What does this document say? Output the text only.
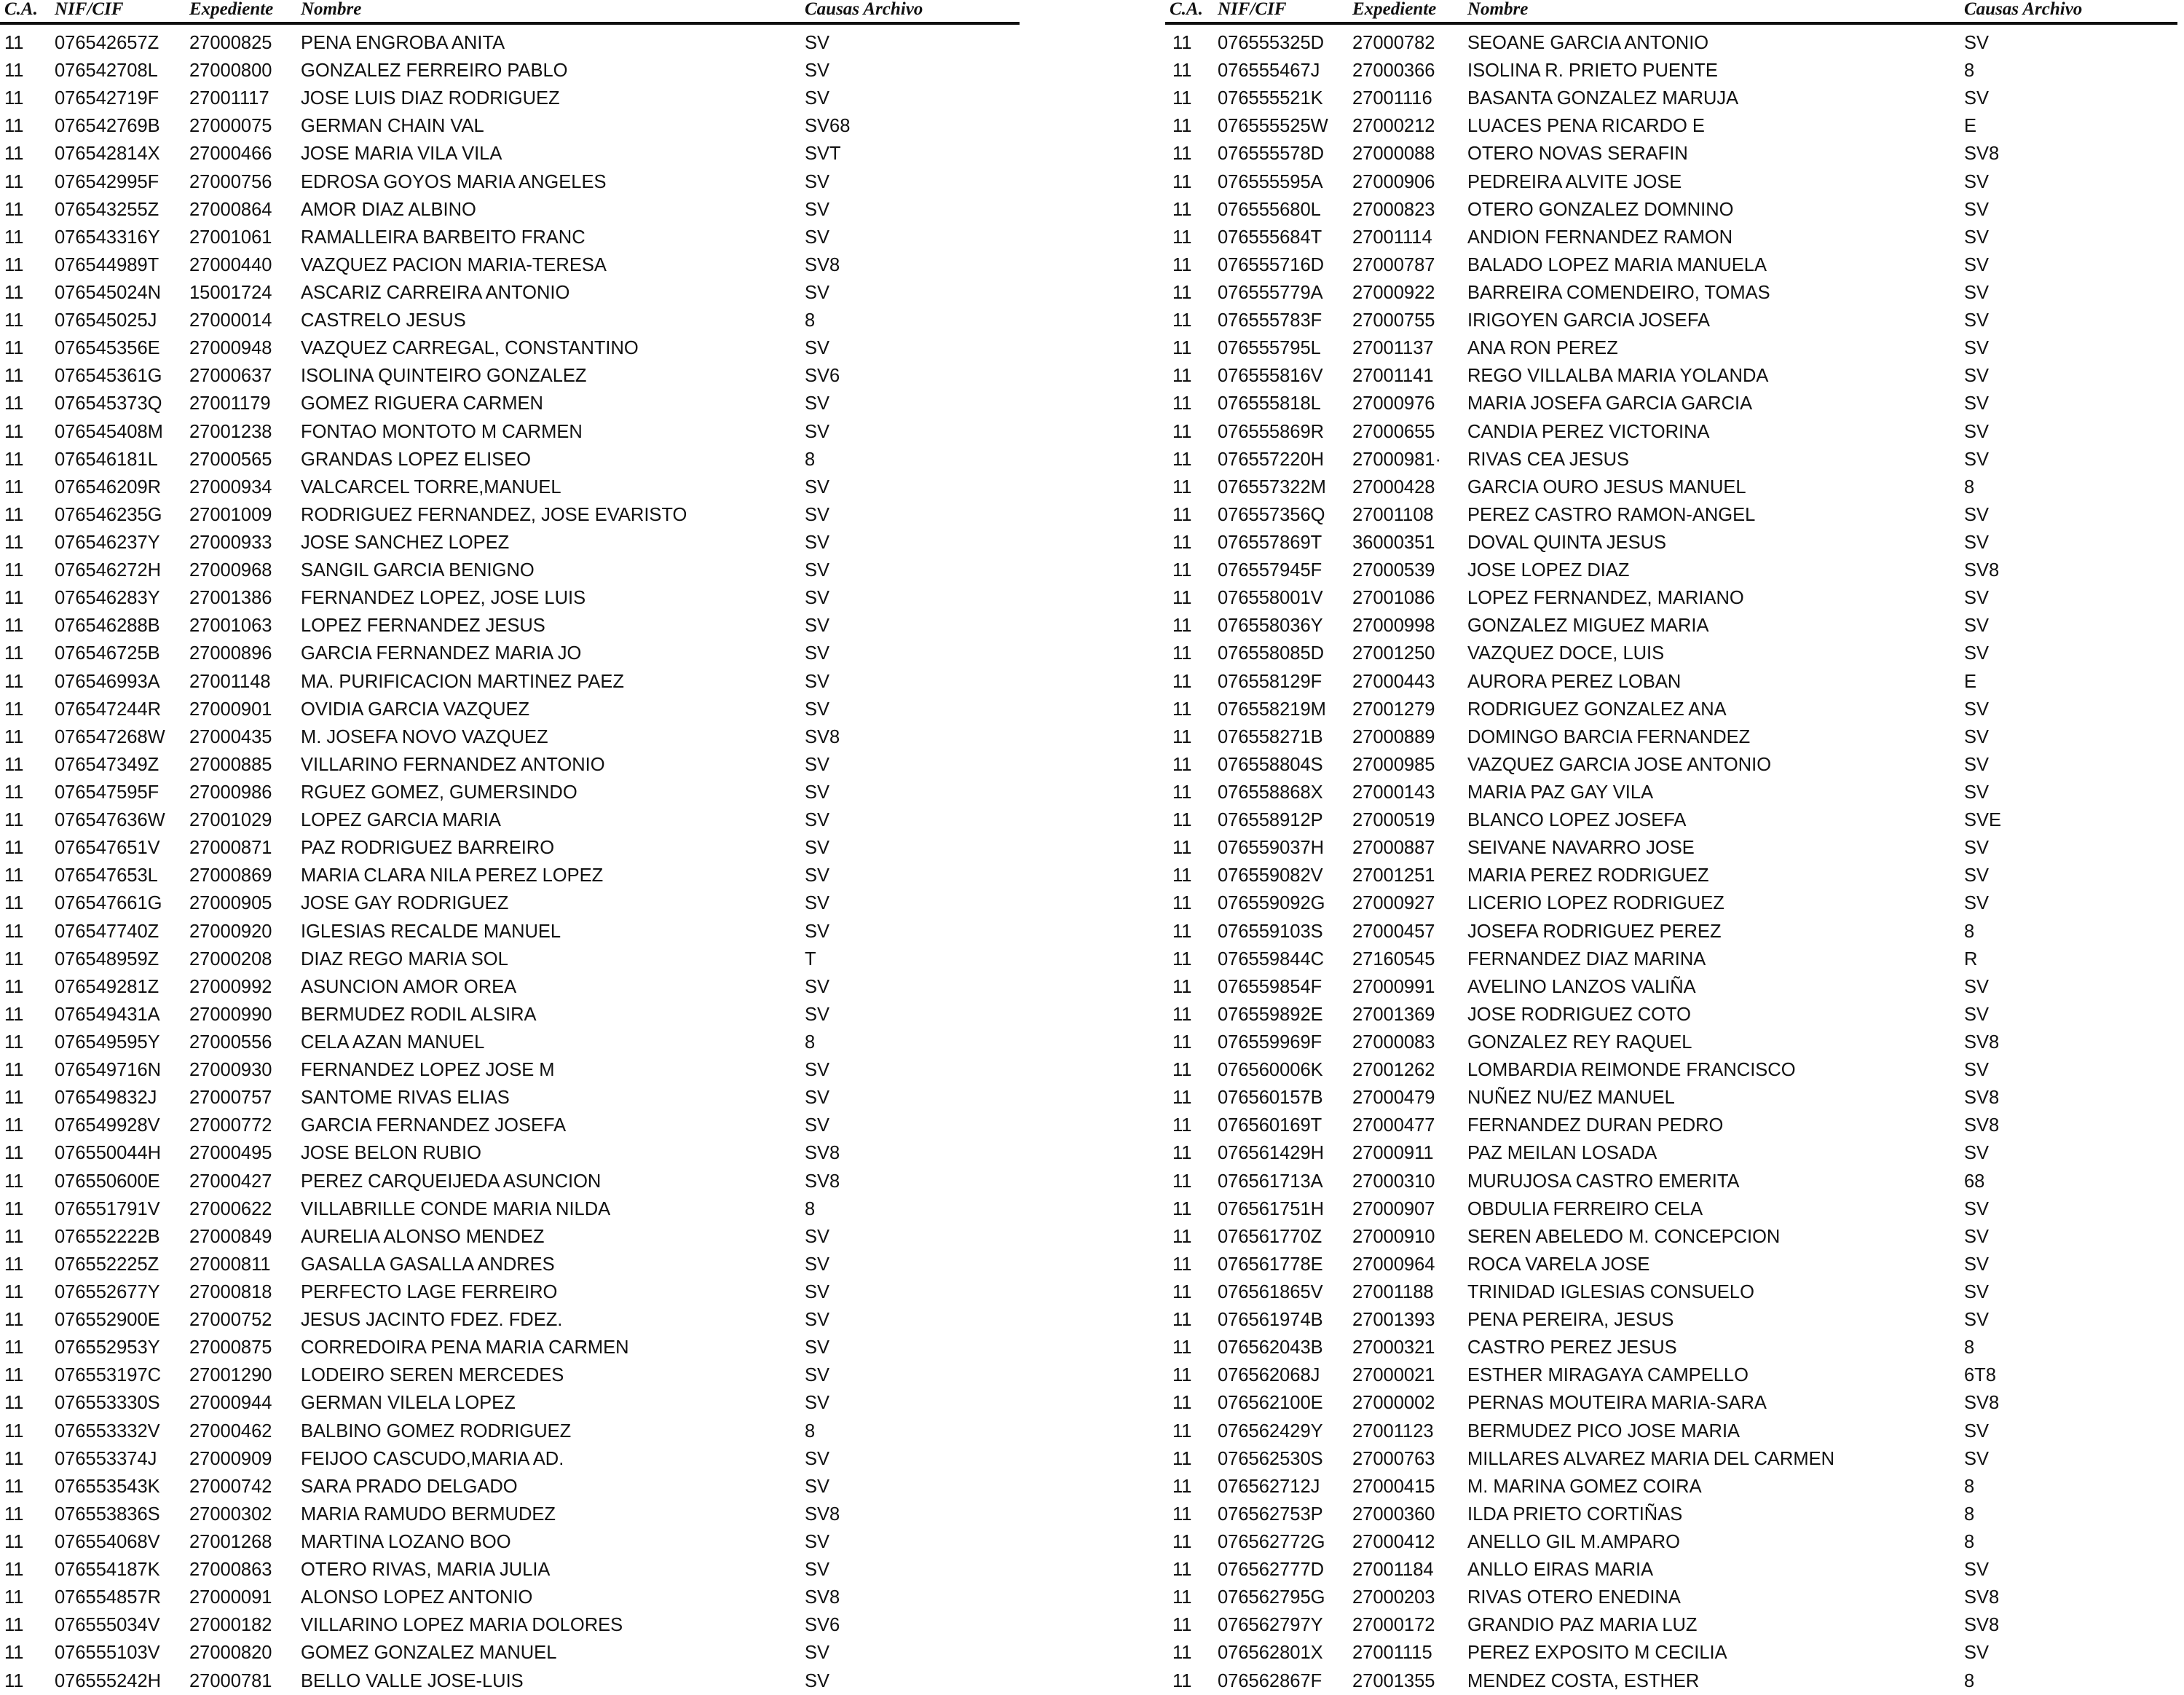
C.A.	NIF/CIF	Expediente	Nombre	Causas Archivo
11	076542657Z	27000825	PENA ENGROBA ANITA	SV
11	076542708L	27000800	GONZALEZ FERREIRO PABLO	SV
11	076542719F	27001117	JOSE LUIS DIAZ RODRIGUEZ	SV
11	076542769B	27000075	GERMAN CHAIN VAL	SV68
11	076542814X	27000466	JOSE MARIA VILA VILA	SVT
11	076542995F	27000756	EDROSA GOYOS MARIA ANGELES	SV
11	076543255Z	27000864	AMOR DIAZ ALBINO	SV
11	076543316Y	27001061	RAMALLEIRA BARBEITO FRANC	SV
11	076544989T	27000440	VAZQUEZ PACION MARIA-TERESA	SV8
11	076545024N	15001724	ASCARIZ CARREIRA ANTONIO	SV
11	076545025J	27000014	CASTRELO JESUS	8
11	076545356E	27000948	VAZQUEZ CARREGAL, CONSTANTINO	SV
11	076545361G	27000637	ISOLINA QUINTEIRO GONZALEZ	SV6
11	076545373Q	27001179	GOMEZ RIGUERA CARMEN	SV
11	076545408M	27001238	FONTAO MONTOTO M CARMEN	SV
11	076546181L	27000565	GRANDAS LOPEZ ELISEO	8
11	076546209R	27000934	VALCARCEL TORRE,MANUEL	SV
11	076546235G	27001009	RODRIGUEZ FERNANDEZ, JOSE EVARISTO	SV
11	076546237Y	27000933	JOSE SANCHEZ LOPEZ	SV
11	076546272H	27000968	SANGIL GARCIA BENIGNO	SV
11	076546283Y	27001386	FERNANDEZ LOPEZ, JOSE LUIS	SV
11	076546288B	27001063	LOPEZ FERNANDEZ JESUS	SV
11	076546725B	27000896	GARCIA FERNANDEZ MARIA JO	SV
11	076546993A	27001148	MA. PURIFICACION MARTINEZ PAEZ	SV
11	076547244R	27000901	OVIDIA GARCIA VAZQUEZ	SV
11	076547268W	27000435	M. JOSEFA NOVO VAZQUEZ	SV8
11	076547349Z	27000885	VILLARINO FERNANDEZ ANTONIO	SV
11	076547595F	27000986	RGUEZ GOMEZ, GUMERSINDO	SV
11	076547636W	27001029	LOPEZ GARCIA MARIA	SV
11	076547651V	27000871	PAZ RODRIGUEZ BARREIRO	SV
11	076547653L	27000869	MARIA CLARA NILA PEREZ LOPEZ	SV
11	076547661G	27000905	JOSE GAY RODRIGUEZ	SV
11	076547740Z	27000920	IGLESIAS RECALDE MANUEL	SV
11	076548959Z	27000208	DIAZ REGO MARIA SOL	T
11	076549281Z	27000992	ASUNCION AMOR OREA	SV
11	076549431A	27000990	BERMUDEZ RODIL ALSIRA	SV
11	076549595Y	27000556	CELA AZAN MANUEL	8
11	076549716N	27000930	FERNANDEZ LOPEZ JOSE M	SV
11	076549832J	27000757	SANTOME RIVAS ELIAS	SV
11	076549928V	27000772	GARCIA FERNANDEZ JOSEFA	SV
11	076550044H	27000495	JOSE BELON RUBIO	SV8
11	076550600E	27000427	PEREZ CARQUEIJEDA ASUNCION	SV8
11	076551791V	27000622	VILLABRILLE CONDE MARIA NILDA	8
11	076552222B	27000849	AURELIA ALONSO MENDEZ	SV
11	076552225Z	27000811	GASALLA GASALLA ANDRES	SV
11	076552677Y	27000818	PERFECTO LAGE FERREIRO	SV
11	076552900E	27000752	JESUS JACINTO FDEZ. FDEZ.	SV
11	076552953Y	27000875	CORREDOIRA PENA MARIA CARMEN	SV
11	076553197C	27001290	LODEIRO SEREN MERCEDES	SV
11	076553330S	27000944	GERMAN VILELA LOPEZ	SV
11	076553332V	27000462	BALBINO GOMEZ RODRIGUEZ	8
11	076553374J	27000909	FEIJOO CASCUDO,MARIA AD.	SV
11	076553543K	27000742	SARA PRADO DELGADO	SV
11	076553836S	27000302	MARIA RAMUDO BERMUDEZ	SV8
11	076554068V	27001268	MARTINA LOZANO BOO	SV
11	076554187K	27000863	OTERO RIVAS, MARIA JULIA	SV
11	076554857R	27000091	ALONSO LOPEZ ANTONIO	SV8
11	076555034V	27000182	VILLARINO LOPEZ MARIA DOLORES	SV6
11	076555103V	27000820	GOMEZ GONZALEZ MANUEL	SV
11	076555242H	27000781	BELLO VALLE JOSE-LUIS	SV
C.A.	NIF/CIF	Expediente	Nombre	Causas Archivo
11	076555325D	27000782	SEOANE GARCIA ANTONIO	SV
11	076555467J	27000366	ISOLINA R. PRIETO PUENTE	8
11	076555521K	27001116	BASANTA GONZALEZ MARUJA	SV
11	076555525W	27000212	LUACES PENA RICARDO E	E
11	076555578D	27000088	OTERO NOVAS SERAFIN	SV8
11	076555595A	27000906	PEDREIRA ALVITE JOSE	SV
11	076555680L	27000823	OTERO GONZALEZ DOMNINO	SV
11	076555684T	27001114	ANDION FERNANDEZ RAMON	SV
11	076555716D	27000787	BALADO LOPEZ MARIA MANUELA	SV
11	076555779A	27000922	BARREIRA COMENDEIRO, TOMAS	SV
11	076555783F	27000755	IRIGOYEN GARCIA JOSEFA	SV
11	076555795L	27001137	ANA RON PEREZ	SV
11	076555816V	27001141	REGO VILLALBA MARIA YOLANDA	SV
11	076555818L	27000976	MARIA JOSEFA GARCIA GARCIA	SV
11	076555869R	27000655	CANDIA PEREZ VICTORINA	SV
11	076557220H	27000981·	RIVAS CEA JESUS	SV
11	076557322M	27000428	GARCIA OURO JESUS MANUEL	8
11	076557356Q	27001108	PEREZ CASTRO RAMON-ANGEL	SV
11	076557869T	36000351	DOVAL QUINTA JESUS	SV
11	076557945F	27000539	JOSE LOPEZ DIAZ	SV8
11	076558001V	27001086	LOPEZ FERNANDEZ, MARIANO	SV
11	076558036Y	27000998	GONZALEZ MIGUEZ MARIA	SV
11	076558085D	27001250	VAZQUEZ DOCE, LUIS	SV
11	076558129F	27000443	AURORA PEREZ LOBAN	E
11	076558219M	27001279	RODRIGUEZ GONZALEZ ANA	SV
11	076558271B	27000889	DOMINGO BARCIA FERNANDEZ	SV
11	076558804S	27000985	VAZQUEZ GARCIA JOSE ANTONIO	SV
11	076558868X	27000143	MARIA PAZ GAY VILA	SV
11	076558912P	27000519	BLANCO LOPEZ JOSEFA	SVE
11	076559037H	27000887	SEIVANE NAVARRO JOSE	SV
11	076559082V	27001251	MARIA PEREZ RODRIGUEZ	SV
11	076559092G	27000927	LICERIO LOPEZ RODRIGUEZ	SV
11	076559103S	27000457	JOSEFA RODRIGUEZ PEREZ	8
11	076559844C	27160545	FERNANDEZ DIAZ MARINA	R
11	076559854F	27000991	AVELINO LANZOS VALIÑA	SV
11	076559892E	27001369	JOSE RODRIGUEZ COTO	SV
11	076559969F	27000083	GONZALEZ REY RAQUEL	SV8
11	076560006K	27001262	LOMBARDIA REIMONDE FRANCISCO	SV
11	076560157B	27000479	NUÑEZ NU/EZ MANUEL	SV8
11	076560169T	27000477	FERNANDEZ DURAN PEDRO	SV8
11	076561429H	27000911	PAZ MEILAN LOSADA	SV
11	076561713A	27000310	MURUJOSA CASTRO EMERITA	68
11	076561751H	27000907	OBDULIA FERREIRO CELA	SV
11	076561770Z	27000910	SEREN ABELEDO M. CONCEPCION	SV
11	076561778E	27000964	ROCA VARELA JOSE	SV
11	076561865V	27001188	TRINIDAD IGLESIAS CONSUELO	SV
11	076561974B	27001393	PENA PEREIRA, JESUS	SV
11	076562043B	27000321	CASTRO PEREZ JESUS	8
11	076562068J	27000021	ESTHER MIRAGAYA CAMPELLO	6T8
11	076562100E	27000002	PERNAS MOUTEIRA MARIA-SARA	SV8
11	076562429Y	27001123	BERMUDEZ PICO JOSE MARIA	SV
11	076562530S	27000763	MILLARES ALVAREZ MARIA DEL CARMEN	SV
11	076562712J	27000415	M. MARINA GOMEZ COIRA	8
11	076562753P	27000360	ILDA PRIETO CORTIÑAS	8
11	076562772G	27000412	ANELLO GIL M.AMPARO	8
11	076562777D	27001184	ANLLO EIRAS MARIA	SV
11	076562795G	27000203	RIVAS OTERO ENEDINA	SV8
11	076562797Y	27000172	GRANDIO PAZ MARIA LUZ	SV8
11	076562801X	27001115	PEREZ EXPOSITO M CECILIA	SV
11	076562867F	27001355	MENDEZ COSTA, ESTHER	8
